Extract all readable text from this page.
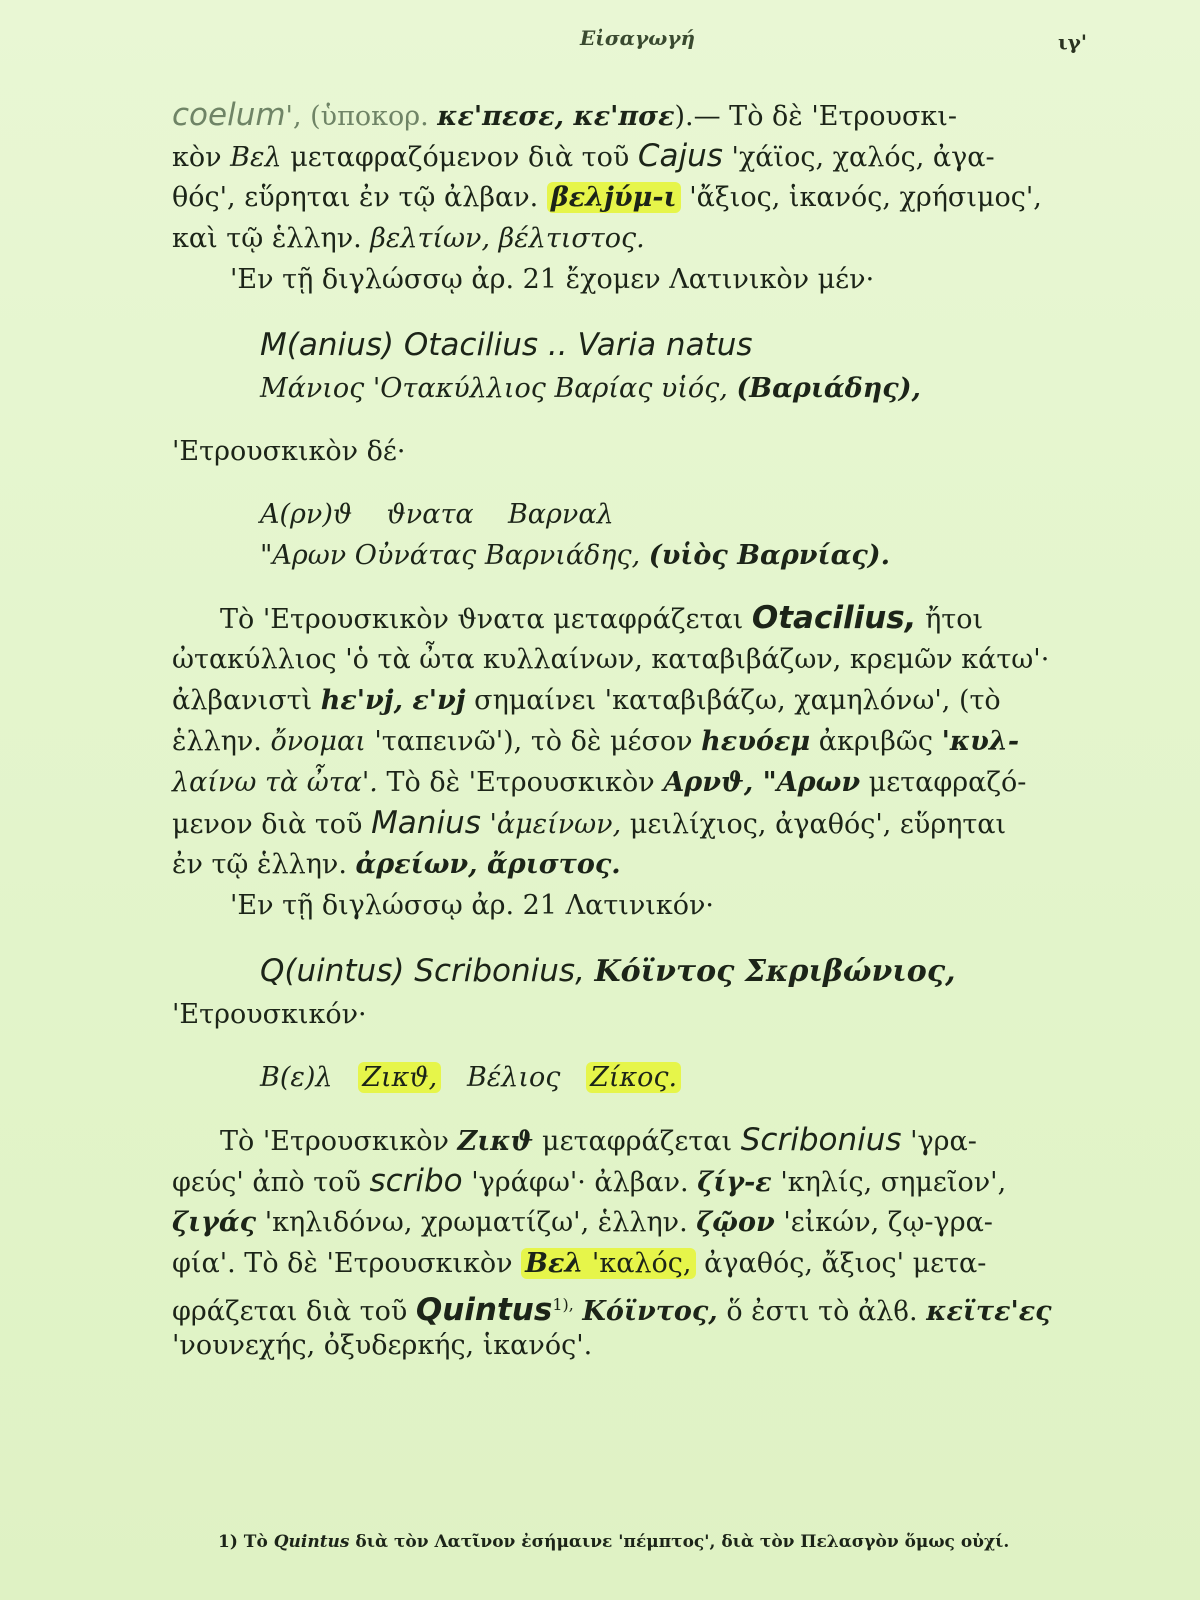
Εἰσαγωγή	ιγ'
coelum', (ὑποκορ. κε'πεσε, κε'πσε).— Τὸ δὲ 'Ετρουσκι-
κὸν Βελ μεταφραζόμενον διὰ τοῦ Cajus 'χάϊος, χαλός, ἀγα-
θός', εὕρηται ἐν τῷ ἀλβαν. βελjύμ-ι 'ἄξιος, ἱκανός, χρήσιμος',
καὶ τῷ ἑλλην. βελτίων, βέλτιστος.
'Εν τῇ διγλώσσῳ ἀρ. 21 ἔχομεν Λατινικὸν μέν·
M(anius) Otacilius .. Varia natus
Μάνιος 'Οτακύλλιος Βαρίας υἱός, (Βαριάδης),
'Ετρουσκικὸν δέ·
A(ρν)ϑ ϑνατα Βαρναλ
"Αρων Οὐνάτας Βαρνιάδης, (υἱὸς Βαρνίας).
Τὸ 'Ετρουσκικὸν ϑνατα μεταφράζεται Otacilius, ἤτοι
ὠτακύλλιος 'ὁ τὰ ὦτα κυλλαίνων, καταβιβάζων, κρεμῶν κάτω'·
ἀλβανιστὶ hε'νj, ε'νj σημαίνει 'καταβιβάζω, χαμηλόνω', (τὸ
ἑλλην. ὄνομαι 'ταπεινῶ'), τὸ δὲ μέσον hευόεμ ἀκριβῶς 'κυλ-
λαίνω τὰ ὦτα'. Τὸ δὲ 'Ετρουσκικὸν Αρνϑ, "Αρων μεταφραζό-
μενον διὰ τοῦ Manius 'ἀμείνων, μειλίχιος, ἀγαθός', εὕρηται
ἐν τῷ ἑλλην. ἀρείων, ἄριστος.
'Εν τῇ διγλώσσῳ ἀρ. 21 Λατινικόν·
Q(uintus) Scribonius, Κόϊντος Σκριβώνιος,
'Ετρουσκικόν·
Β(ε)λ Ζικϑ, Βέλιος Ζίκος.
Τὸ 'Ετρουσκικὸν Ζικϑ μεταφράζεται Scribonius 'γρα-
φεύς' ἀπὸ τοῦ scribo 'γράφω'· ἀλβαν. ζίγ-ε 'κηλίς, σημεῖον',
ζιγάς 'κηλιδόνω, χρωματίζω', ἑλλην. ζῷον 'εἰκών, ζῳ-γρα-
φία'. Τὸ δὲ 'Ετρουσκικὸν Βελ 'καλός, ἀγαθός, ἄξιος' μετα-
φράζεται διὰ τοῦ Quintus$^{1),}$ Κόϊντος, ὅ ἐστι τὸ ἀλϐ. κεϊτε'ες
'νουνεχής, ὀξυδερκής, ἱκανός'.
1) Τὸ Quintus διὰ τὸν Λατῖνον ἐσήμαινε 'πέμπτος', διὰ τὸν Πελασγὸν ὅμως οὐχί.
